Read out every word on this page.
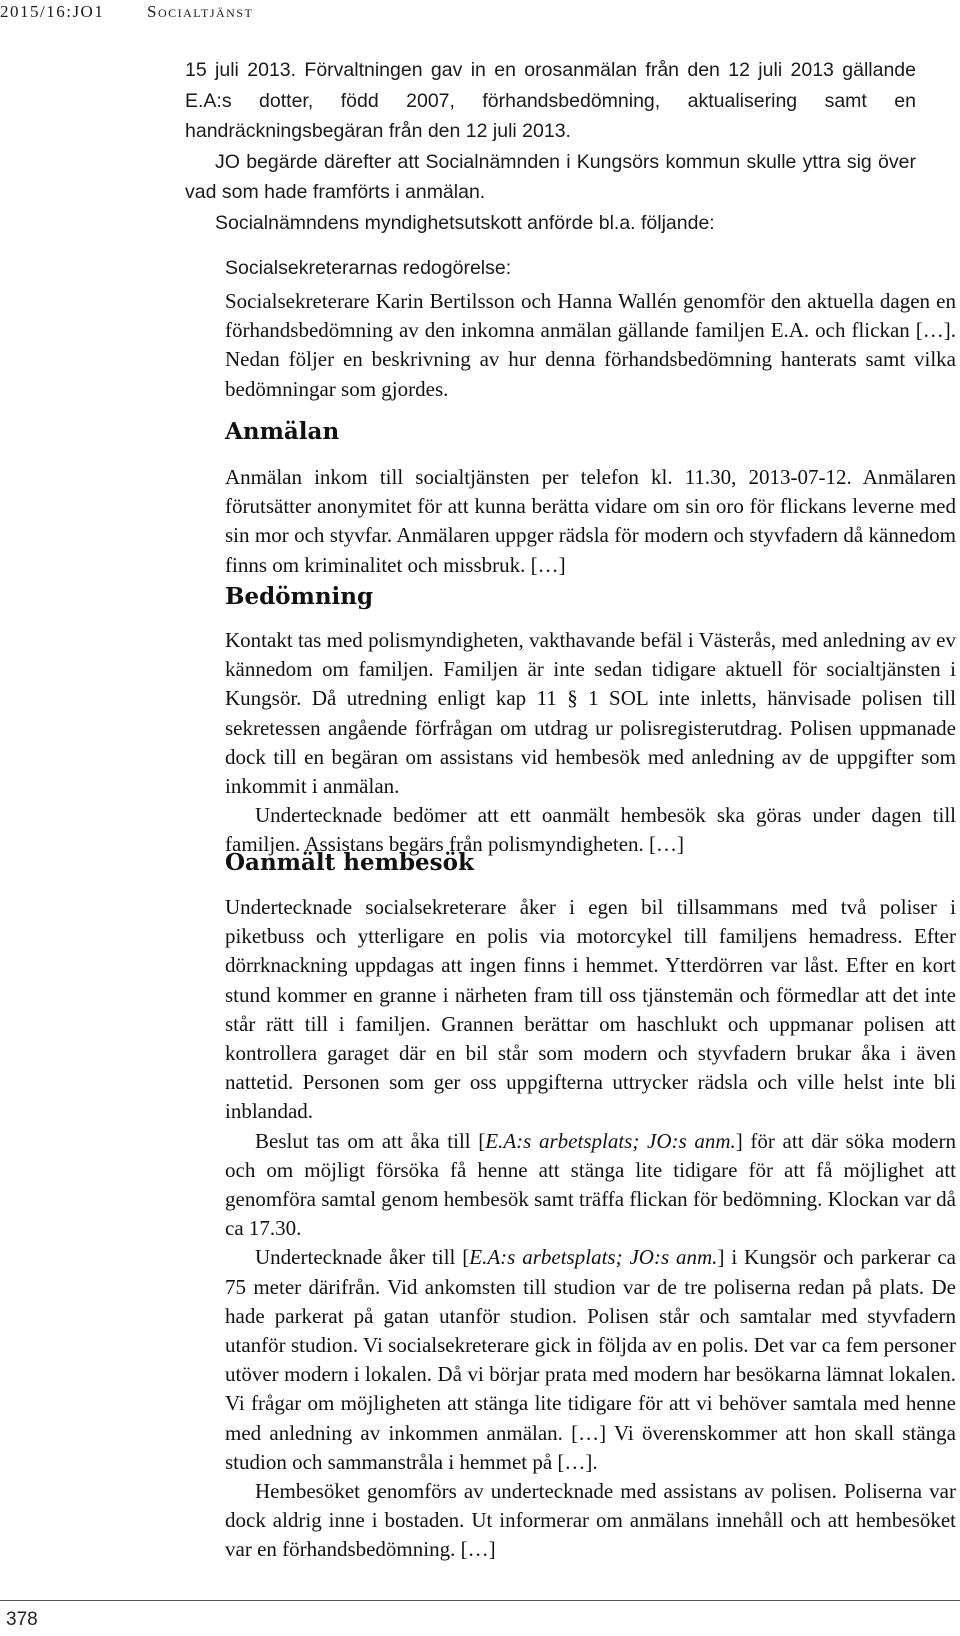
2015/16:JO1	Socialtjänst

15 juli 2013. Förvaltningen gav in en orosanmälan från den 12 juli 2013 gällande E.A:s dotter, född 2007, förhandsbedömning, aktualisering samt en handräckningsbegäran från den 12 juli 2013.

JO begärde därefter att Socialnämnden i Kungsörs kommun skulle yttra sig över vad som hade framförts i anmälan.

Socialnämndens myndighetsutskott anförde bl.a. följande:

Socialsekreterarnas redogörelse:

Socialsekreterare Karin Bertilsson och Hanna Wallén genomför den aktuella dagen en förhandsbedömning av den inkomna anmälan gällande familjen E.A. och flickan […]. Nedan följer en beskrivning av hur denna förhandsbedömning hanterats samt vilka bedömningar som gjordes.

Anmälan

Anmälan inkom till socialtjänsten per telefon kl. 11.30, 2013-07-12. Anmälaren förutsätter anonymitet för att kunna berätta vidare om sin oro för flickans leverne med sin mor och styvfar. Anmälaren uppger rädsla för modern och styvfadern då kännedom finns om kriminalitet och missbruk. […]

Bedömning

Kontakt tas med polismyndigheten, vakthavande befäl i Västerås, med anledning av ev kännedom om familjen. Familjen är inte sedan tidigare aktuell för socialtjänsten i Kungsör. Då utredning enligt kap 11 § 1 SOL inte inletts, hänvisade polisen till sekretessen angående förfrågan om utdrag ur polisregisterutdrag. Polisen uppmanade dock till en begäran om assistans vid hembesök med anledning av de uppgifter som inkommit i anmälan.

Undertecknade bedömer att ett oanmält hembesök ska göras under dagen till familjen. Assistans begärs från polismyndigheten. […]

Oanmält hembesök

Undertecknade socialsekreterare åker i egen bil tillsammans med två poliser i piketbuss och ytterligare en polis via motorcykel till familjens hemadress. Efter dörrknackning uppdagas att ingen finns i hemmet. Ytterdörren var låst. Efter en kort stund kommer en granne i närheten fram till oss tjänstemän och förmedlar att det inte står rätt till i familjen. Grannen berättar om haschlukt och uppmanar polisen att kontrollera garaget där en bil står som modern och styvfadern brukar åka i även nattetid. Personen som ger oss uppgifterna uttrycker rädsla och ville helst inte bli inblandad.

Beslut tas om att åka till [E.A:s arbetsplats; JO:s anm.] för att där söka modern och om möjligt försöka få henne att stänga lite tidigare för att få möjlighet att genomföra samtal genom hembesök samt träffa flickan för bedömning. Klockan var då ca 17.30.

Undertecknade åker till [E.A:s arbetsplats; JO:s anm.] i Kungsör och parkerar ca 75 meter därifrån. Vid ankomsten till studion var de tre poliserna redan på plats. De hade parkerat på gatan utanför studion. Polisen står och samtalar med styvfadern utanför studion. Vi socialsekreterare gick in följda av en polis. Det var ca fem personer utöver modern i lokalen. Då vi börjar prata med modern har besökarna lämnat lokalen. Vi frågar om möjligheten att stänga lite tidigare för att vi behöver samtala med henne med anledning av inkommen anmälan. […] Vi överenskommer att hon skall stänga studion och sammanstråla i hemmet på […].

Hembesöket genomförs av undertecknade med assistans av polisen. Poliserna var dock aldrig inne i bostaden. Ut informerar om anmälans innehåll och att hembesöket var en förhandsbedömning. […]

378
